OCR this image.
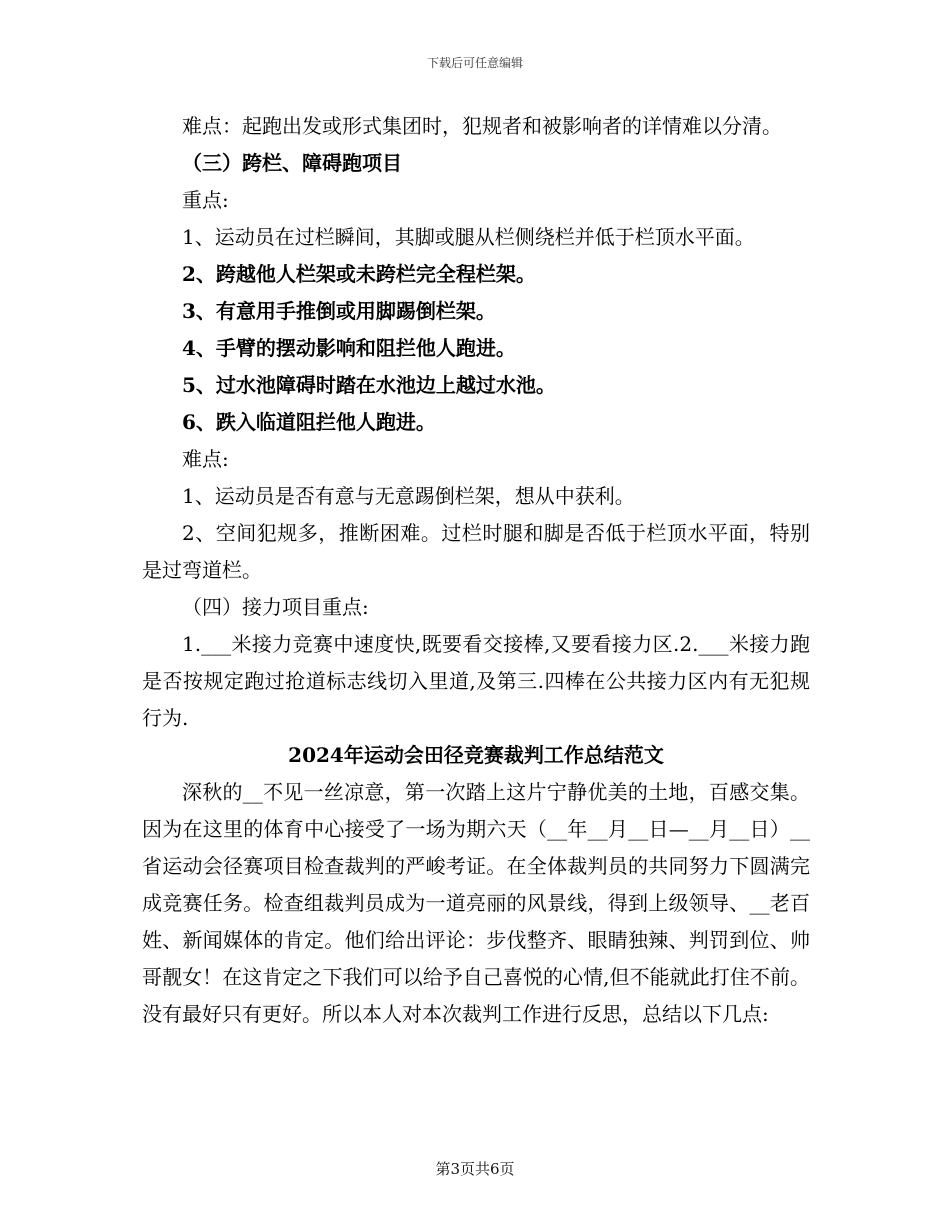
下载后可任意编辑

难点：起跑出发或形式集团时，犯规者和被影响者的详情难以分清。

（三）跨栏、障碍跑项目

重点:

1、运动员在过栏瞬间，其脚或腿从栏侧绕栏并低于栏顶水平面。

2、跨越他人栏架或未跨栏完全程栏架。

3、有意用手推倒或用脚踢倒栏架。

4、手臂的摆动影响和阻拦他人跑进。

5、过水池障碍时踏在水池边上越过水池。

6、跌入临道阻拦他人跑进。

难点:

1、运动员是否有意与无意踢倒栏架，想从中获利。

2、空间犯规多，推断困难。过栏时腿和脚是否低于栏顶水平面，特别是过弯道栏。

（四）接力项目重点:

1.___米接力竞赛中速度快,既要看交接棒,又要看接力区.2.___米接力跑是否按规定跑过抢道标志线切入里道,及第三.四棒在公共接力区内有无犯规行为.

2024年运动会田径竞赛裁判工作总结范文

深秋的__不见一丝凉意，第一次踏上这片宁静优美的土地，百感交集。因为在这里的体育中心接受了一场为期六天（__年__月__日—__月__日）__省运动会径赛项目检查裁判的严峻考证。在全体裁判员的共同努力下圆满完成竞赛任务。检查组裁判员成为一道亮丽的风景线，得到上级领导、__老百姓、新闻媒体的肯定。他们给出评论：步伐整齐、眼睛独辣、判罚到位、帅哥靓女！在这肯定之下我们可以给予自己喜悦的心情,但不能就此打住不前。没有最好只有更好。所以本人对本次裁判工作进行反思，总结以下几点:

第3页共6页
